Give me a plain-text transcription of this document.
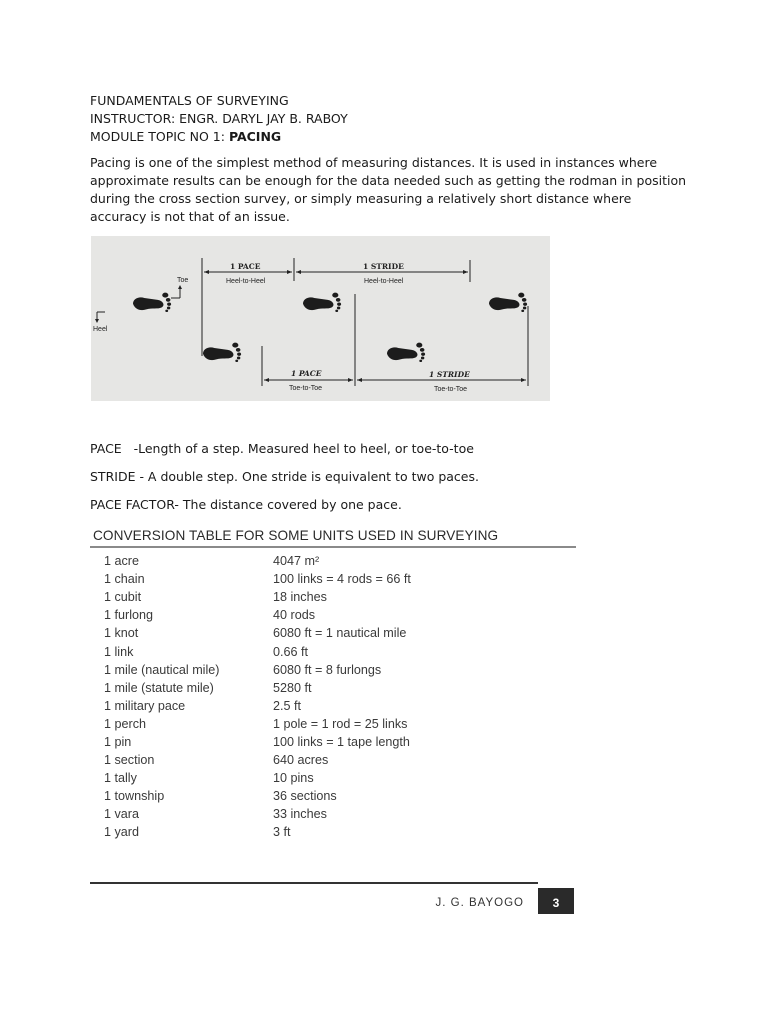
FUNDAMENTALS OF SURVEYING
INSTRUCTOR: ENGR. DARYL JAY B. RABOY
MODULE TOPIC NO 1: PACING

Pacing is one of the simplest method of measuring distances. It is used in instances where approximate results can be enough for the data needed such as getting the rodman in position during the cross section survey, or simply measuring a relatively short distance where accuracy is not that of an issue.

1 PACE
Heel-to-Heel
1 STRIDE
Heel-to-Heel
Toe
Heel
1 PACE
Toe-to-Toe
1 STRIDE
Toe-to-Toe
PACE   -Length of a step. Measured heel to heel, or toe-to-toe
STRIDE - A double step. One stride is equivalent to two paces.
PACE FACTOR- The distance covered by one pace.
CONVERSION TABLE FOR SOME UNITS USED IN SURVEYING
1 acre	4047 m²
1 chain	100 links = 4 rods = 66 ft
1 cubit	18 inches
1 furlong	40 rods
1 knot	6080 ft = 1 nautical mile
1 link	0.66 ft
1 mile (nautical mile)	6080 ft = 8 furlongs
1 mile (statute mile)	5280 ft
1 military pace	2.5 ft
1 perch	1 pole = 1 rod = 25 links
1 pin	100 links = 1 tape length
1 section	640 acres
1 tally	10 pins
1 township	36 sections
1 vara	33 inches
1 yard	3 ft
J. G. BAYOGO	3
